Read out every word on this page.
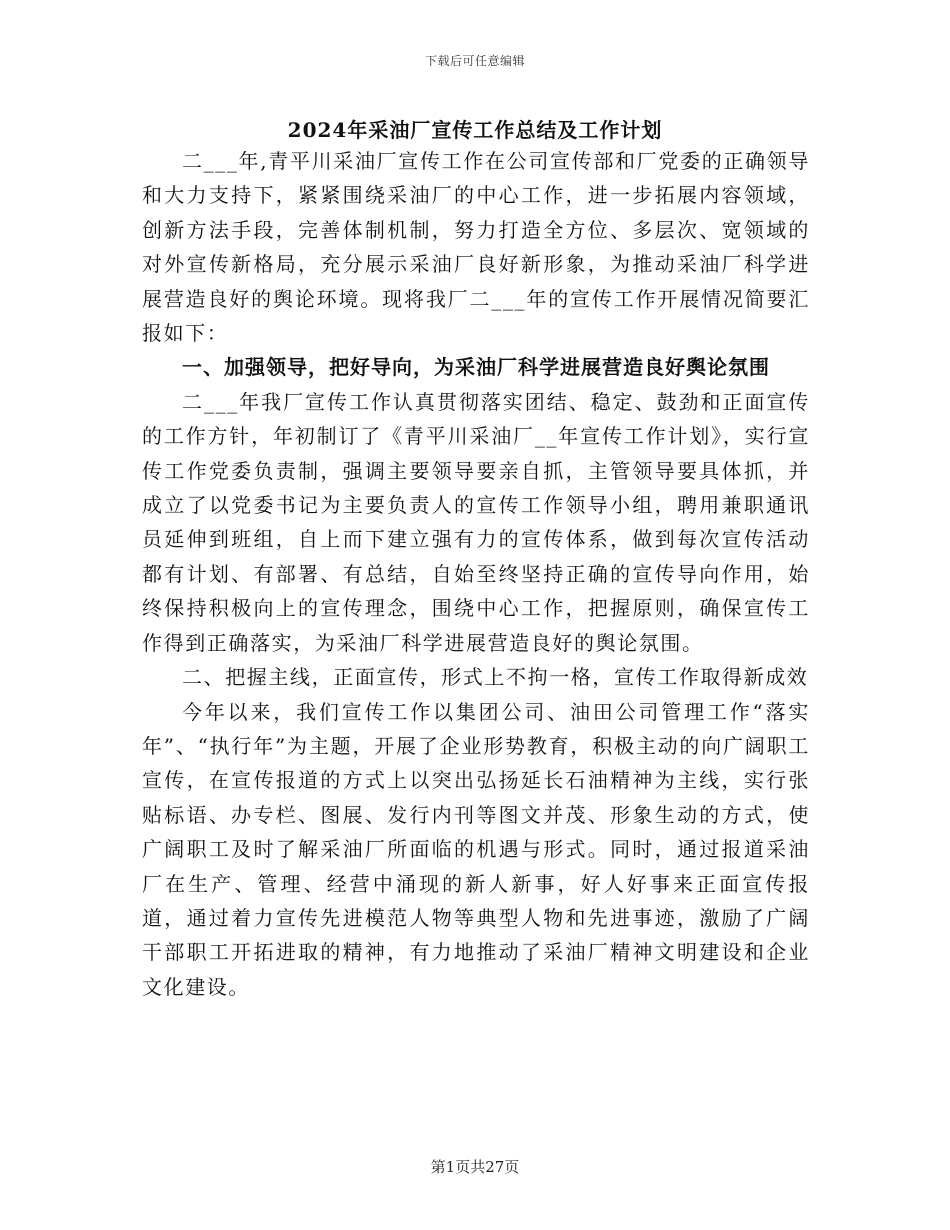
下载后可任意编辑
2024年采油厂宣传工作总结及工作计划

二___年,青平川采油厂宣传工作在公司宣传部和厂党委的正确领导和大力支持下，紧紧围绕采油厂的中心工作，进一步拓展内容领域，创新方法手段，完善体制机制，努力打造全方位、多层次、宽领域的对外宣传新格局，充分展示采油厂良好新形象，为推动采油厂科学进展营造良好的舆论环境。现将我厂二___年的宣传工作开展情况简要汇报如下：

一、加强领导，把好导向，为采油厂科学进展营造良好舆论氛围

二___年我厂宣传工作认真贯彻落实团结、稳定、鼓劲和正面宣传的工作方针，年初制订了《青平川采油厂__年宣传工作计划》，实行宣传工作党委负责制，强调主要领导要亲自抓，主管领导要具体抓，并成立了以党委书记为主要负责人的宣传工作领导小组，聘用兼职通讯员延伸到班组，自上而下建立强有力的宣传体系，做到每次宣传活动都有计划、有部署、有总结，自始至终坚持正确的宣传导向作用，始终保持积极向上的宣传理念，围绕中心工作，把握原则，确保宣传工作得到正确落实，为采油厂科学进展营造良好的舆论氛围。

二、把握主线，正面宣传，形式上不拘一格，宣传工作取得新成效

今年以来，我们宣传工作以集团公司、油田公司管理工作“落实年”、“执行年”为主题，开展了企业形势教育，积极主动的向广阔职工宣传，在宣传报道的方式上以突出弘扬延长石油精神为主线，实行张贴标语、办专栏、图展、发行内刊等图文并茂、形象生动的方式，使广阔职工及时了解采油厂所面临的机遇与形式。同时，通过报道采油厂在生产、管理、经营中涌现的新人新事，好人好事来正面宣传报道，通过着力宣传先进模范人物等典型人物和先进事迹，激励了广阔干部职工开拓进取的精神，有力地推动了采油厂精神文明建设和企业文化建设。

第1页共27页
